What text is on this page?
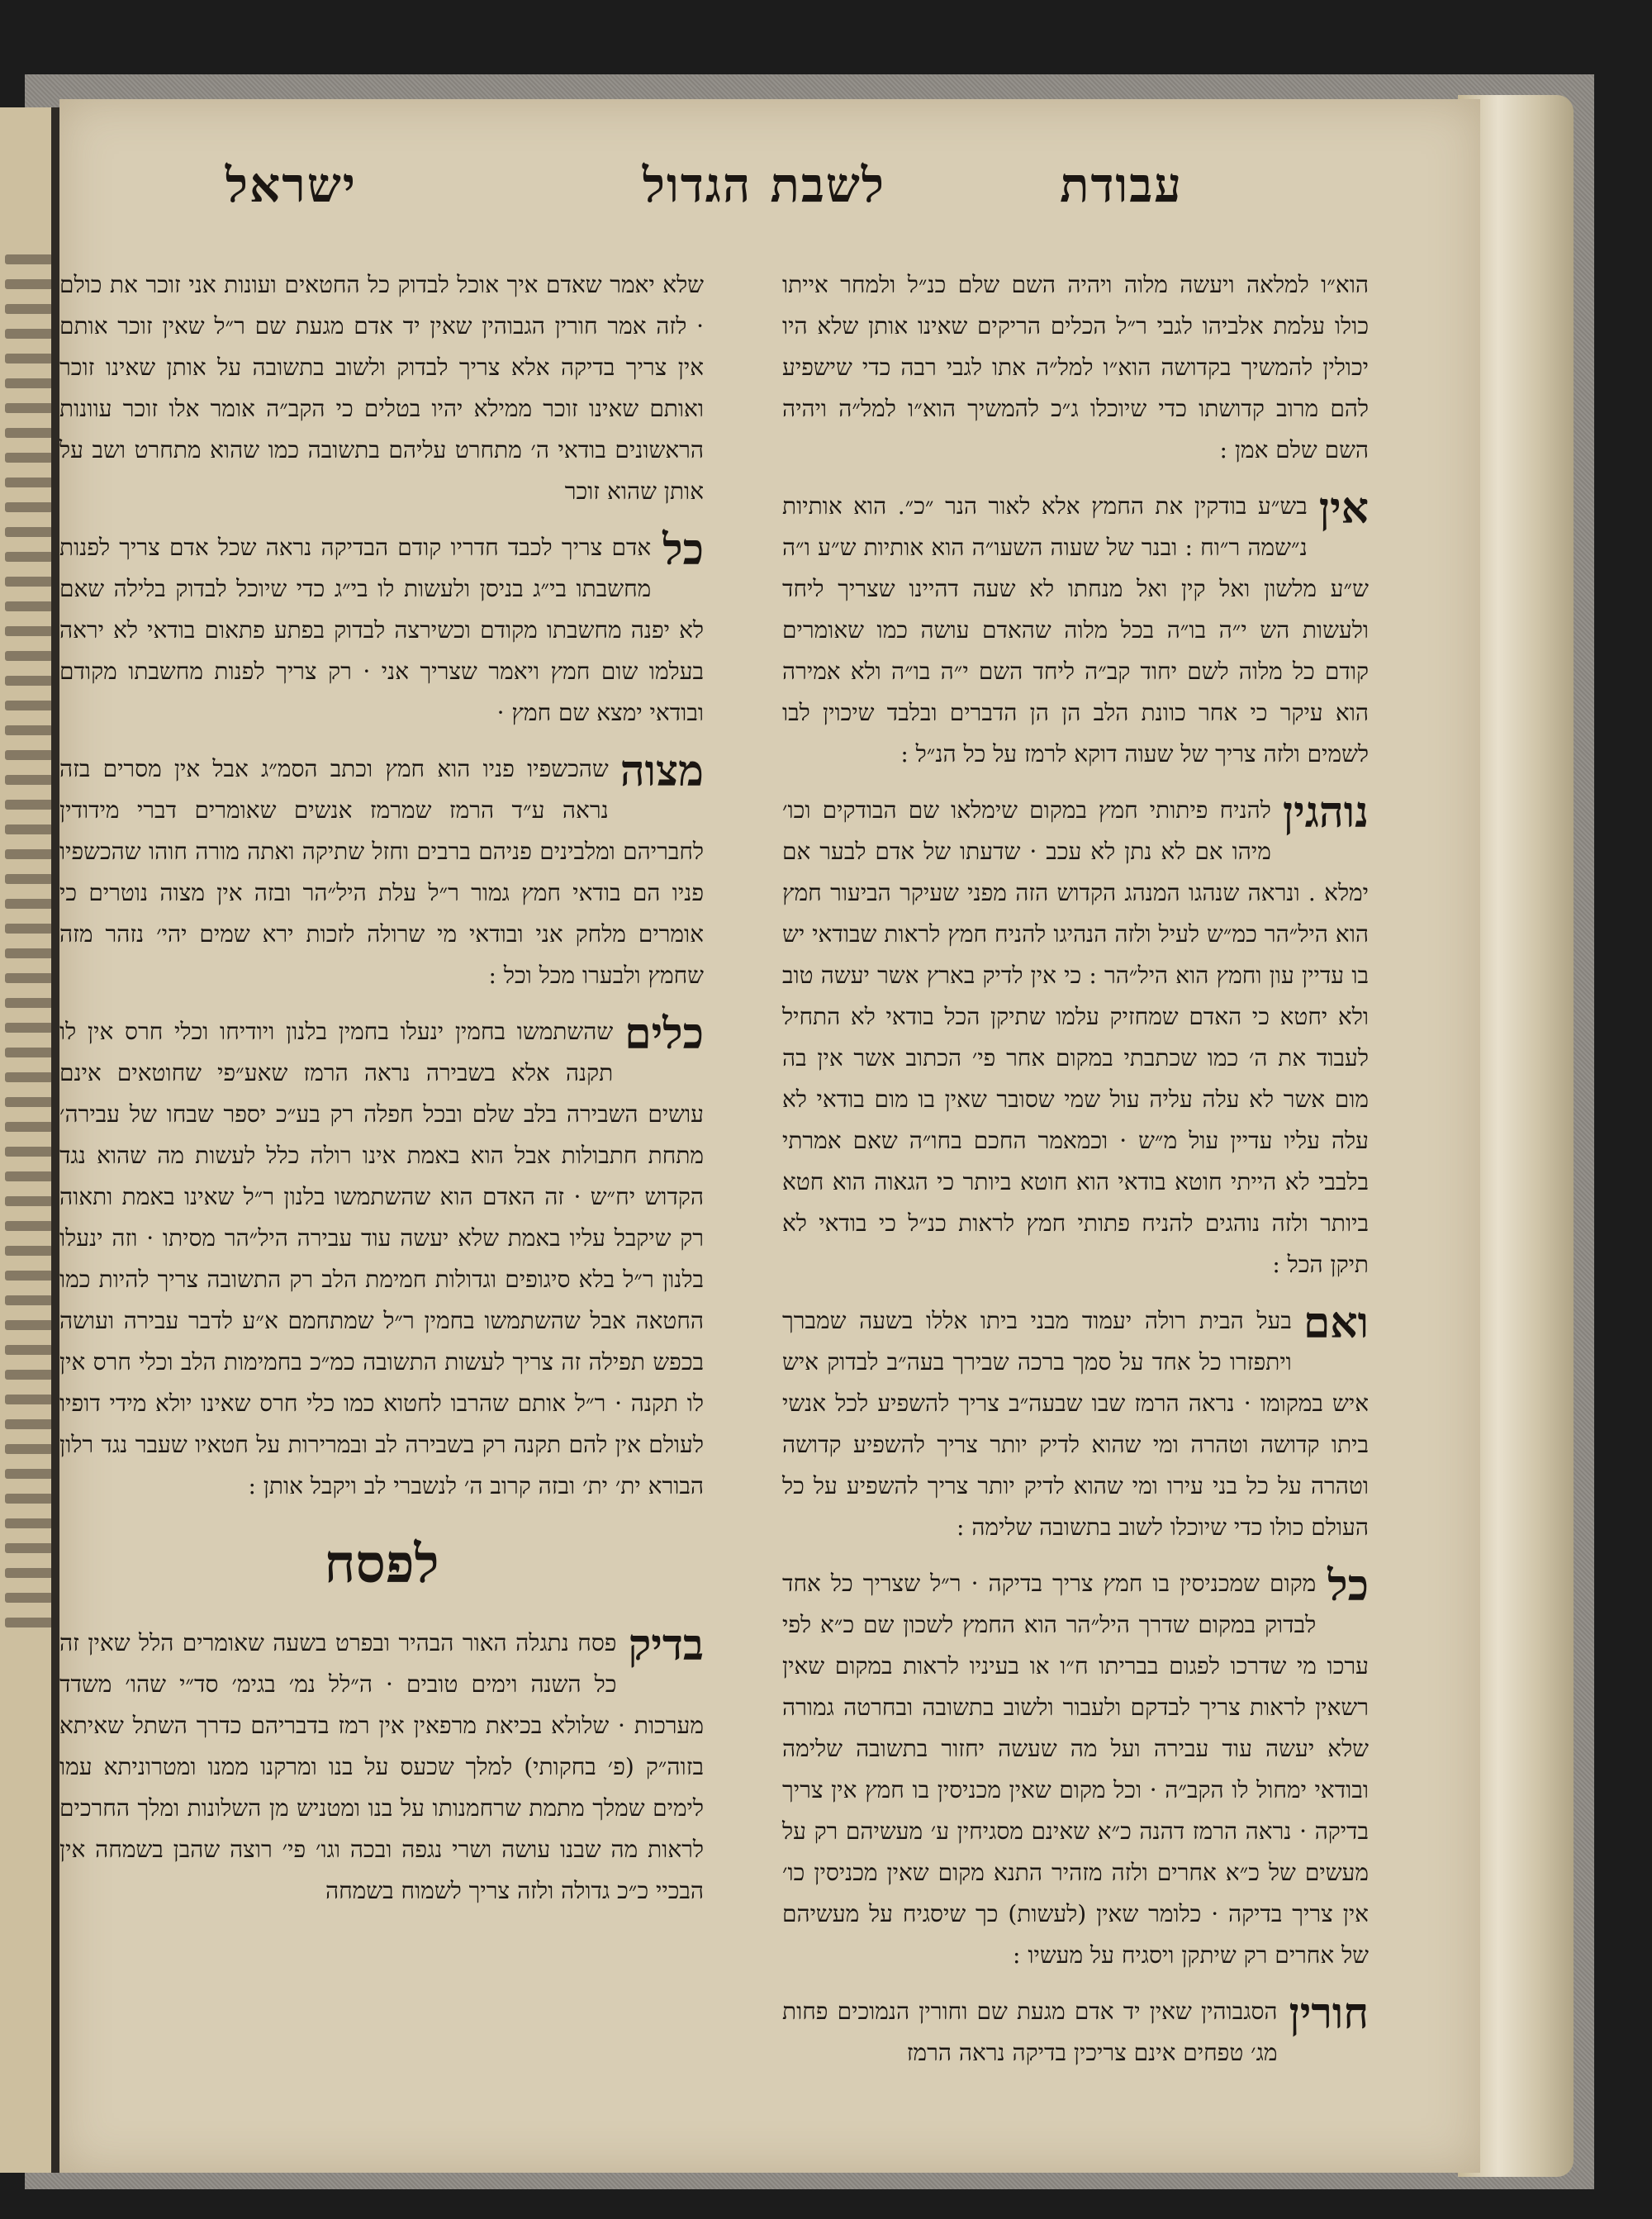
עבודת
לשבת הגדול
ישראל

הוא״ו למלאה ויעשה מלוה ויהיה השם שלם כנ״ל ולמחר אייתו כולו עלמת אלביהו לגבי ר״ל הכלים הריקים שאינו אותן שלא היו יכולין להמשיך בקדושה הוא״ו למל״ה אתו לגבי רבה כדי שישפיע להם מרוב קדושתו כדי שיוכלו ג״כ להמשיך הוא״ו למל״ה ויהיה השם שלם אמן :

אין
בש״ע בודקין את החמץ אלא לאור הנר ״כ״. הוא אותיות נ״שמה ר״וח : ובנר של שעוה השעו״ה הוא אותיות ש״ע ו״ה ש״ע מלשון ואל קין ואל מנחתו לא שעה דהיינו שצריך ליחד ולעשות הש י״ה בו״ה בכל מלוה שהאדם עושה כמו שאומרים קודם כל מלוה לשם יחוד קב״ה ליחד השם י״ה בו״ה ולא אמירה הוא עיקר כי אחר כוונת הלב הן הן הדברים ובלבד שיכוין לבו לשמים ולזה צריך של שעוה דוקא לרמז על כל הנ״ל :

נוהגין
להניח פיתותי חמץ במקום שימלאו שם הבודקים וכו׳ מיהו אם לא נתן לא עכב · שדעתו של אדם לבער אם ימלא . ונראה שנהגו המנהג הקדוש הזה מפני שעיקר הביעור חמץ הוא היל״הר כמ״ש לעיל ולזה הנהיגו להניח חמץ לראות שבודאי יש בו עדיין עון וחמץ הוא היל״הר : כי אין לדיק בארץ אשר יעשה טוב ולא יחטא כי האדם שמחזיק עלמו שתיקן הכל בודאי לא התחיל לעבוד את ה׳ כמו שכתבתי במקום אחר פי׳ הכתוב אשר אין בה מום אשר לא עלה עליה עול שמי שסובר שאין בו מום בודאי לא עלה עליו עדיין עול מ״ש · וכמאמר החכם בחו״ה שאם אמרתי בלבבי לא הייתי חוטא בודאי הוא חוטא ביותר כי הגאוה הוא חטא ביותר ולזה נוהגים להניח פתותי חמץ לראות כנ״ל כי בודאי לא תיקן הכל :

ואם
בעל הבית רולה יעמוד מבני ביתו אללו בשעה שמברך ויתפזרו כל אחד על סמך ברכה שבירך בעה״ב לבדוק איש איש במקומו · נראה הרמז שבו שבעה״ב צריך להשפיע לכל אנשי ביתו קדושה וטהרה ומי שהוא לדיק יותר צריך להשפיע קדושה וטהרה על כל בני עירו ומי שהוא לדיק יותר צריך להשפיע על כל העולם כולו כדי שיוכלו לשוב בתשובה שלימה :

כל
מקום שמכניסין בו חמץ צריך בדיקה · ר״ל שצריך כל אחד לבדוק במקום שדרך היל״הר הוא החמץ לשכון שם כ״א לפי ערכו מי שדרכו לפגום בבריתו ח״ו או בעיניו לראות במקום שאין רשאין לראות צריך לבדקם ולעבור ולשוב בתשובה ובחרטה גמורה שלא יעשה עוד עבירה ועל מה שעשה יחזור בתשובה שלימה ובודאי ימחול לו הקב״ה · וכל מקום שאין מכניסין בו חמץ אין צריך בדיקה · נראה הרמז דהנה כ״א שאינם מסגיחין ע׳ מעשיהם רק על מעשים של כ״א אחרים ולזה מזהיר התנא מקום שאין מכניסין כו׳ אין צריך בדיקה · כלומר שאין (לעשות) כך שיסגיח על מעשיהם של אחרים רק שיתקן ויסגיח על מעשיו :

חורין
הסגבוהין שאין יד אדם מגעת שם וחורין הנמוכים פחות מג׳ טפחים אינם צריכין בדיקה נראה הרמז

שלא יאמר שאדם איך אוכל לבדוק כל החטאים ועונות אני זוכר את כולם · לזה אמר חורין הגבוהין שאין יד אדם מגעת שם ר״ל שאין זוכר אותם אין צריך בדיקה אלא צריך לבדוק ולשוב בתשובה על אותן שאינו זוכר ואותם שאינו זוכר ממילא יהיו בטלים כי הקב״ה אומר אלו זוכר עוונות הראשונים בודאי ה׳ מתחרט עליהם בתשובה כמו שהוא מתחרט ושב על אותן שהוא זוכר

כל
אדם צריך לכבד חדריו קודם הבדיקה נראה שכל אדם צריך לפנות מחשבתו בי״ג בניסן ולעשות לו בי״ג כדי שיוכל לבדוק בלילה שאם לא יפנה מחשבתו מקודם וכשירצה לבדוק בפתע פתאום בודאי לא יראה בעלמו שום חמץ ויאמר שצריך אני · רק צריך לפנות מחשבתו מקודם ובודאי ימצא שם חמץ ·

מצוה
שהכשפיו פניו הוא חמץ וכתב הסמ״ג אבל אין מסרים בזה נראה ע״ד הרמז שמרמז אנשים שאומרים דברי מידודין לחבריהם ומלבינים פניהם ברבים וחזל שתיקה ואתה מורה חוהו שהכשפיו פניו הם בודאי חמץ גמור ר״ל עלת היל״הר ובזה אין מצוה נוטרים כי אומרים מלחק אני ובודאי מי שרולה לזכות ירא שמים יהי׳ נזהר מזה שחמץ ולבערו מכל וכל :

כלים
שהשתמשו בחמין ינעלו בחמין בלנון ויודיחו וכלי חרס אין לו תקנה אלא בשבירה נראה הרמז שאע״פי שחוטאים אינם עושים השבירה בלב שלם ובכל חפלה רק בע״כ יספר שבחו של עבירה׳ מתחת חתבולות אבל הוא באמת אינו רולה כלל לעשות מה שהוא נגד הקדוש יח״ש · זה האדם הוא שהשתמשו בלנון ר״ל שאינו באמת ותאוה רק שיקבל עליו באמת שלא יעשה עוד עבירה היל״הר מסיתו · וזה ינעלו בלנון ר״ל בלא סיגופים וגדולות חמימת הלב רק התשובה צריך להיות כמו החטאה אבל שהשתמשו בחמין ר״ל שמתחמם א״ע לדבר עבירה ועושה בכפש תפילה זה צריך לעשות התשובה כמ״כ בחמימות הלב וכלי חרס אין לו תקנה · ר״ל אותם שהרבו לחטוא כמו כלי חרס שאינו יולא מידי דופיו לעולם אין להם תקנה רק בשבירה לב ובמרירות על חטאיו שעבר נגד רלון הבורא ית׳ ית׳ ובזה קרוב ה׳ לנשברי לב ויקבל אותן :

לפסח

בדיק
פסח נתגלה האור הבהיר ובפרט בשעה שאומרים הלל שאין זה כל השנה וימים טובים · ה״לל נמ׳ בגימ׳ סד״י שהו׳ משדד מערכות · שלולא בכיאת מרפאין אין רמז בדבריהם כדרך השתל שאיתא בזוה״ק (פ׳ בחקותי) למלך שכעס על בנו ומרקנו ממנו ומטרוניתא עמו לימים שמלך מתמת שרחמנותו על בנו ומטניש מן השלונות ומלך החרכים לראות מה שבנו עושה ושרי נגפה ובכה וגו׳ פי׳ רוצה שהבן בשמחה אין הבכיי כ״כ גדולה ולזה צריך לשמוח בשמחה
